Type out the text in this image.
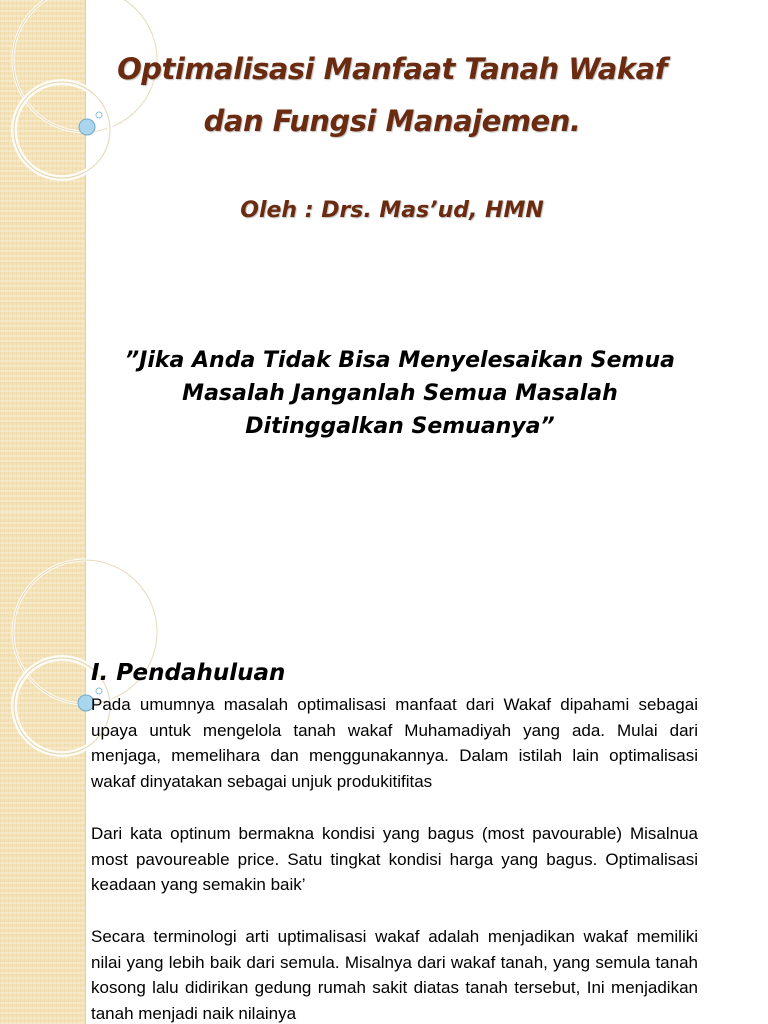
Optimalisasi Manfaat Tanah Wakaf
dan Fungsi Manajemen.
Oleh : Drs. Mas’ud, HMN
”Jika Anda Tidak Bisa Menyelesaikan Semua
Masalah Janganlah Semua Masalah
Ditinggalkan Semuanya”
I. Pendahuluan

Pada umumnya masalah optimalisasi manfaat dari Wakaf dipahami sebagai upaya untuk mengelola tanah wakaf Muhamadiyah yang ada. Mulai dari menjaga, memelihara dan menggunakannya. Dalam istilah lain optimalisasi wakaf dinyatakan sebagai unjuk produkitifitas

Dari kata optinum bermakna kondisi yang bagus (most pavourable) Misalnua most pavoureable price. Satu tingkat kondisi harga yang bagus. Optimalisasi keadaan yang semakin baik’

Secara terminologi arti uptimalisasi wakaf adalah menjadikan wakaf memiliki nilai yang lebih baik dari semula. Misalnya dari wakaf tanah, yang semula tanah kosong lalu didirikan gedung rumah sakit diatas tanah tersebut, Ini menjadikan tanah menjadi naik nilainya
